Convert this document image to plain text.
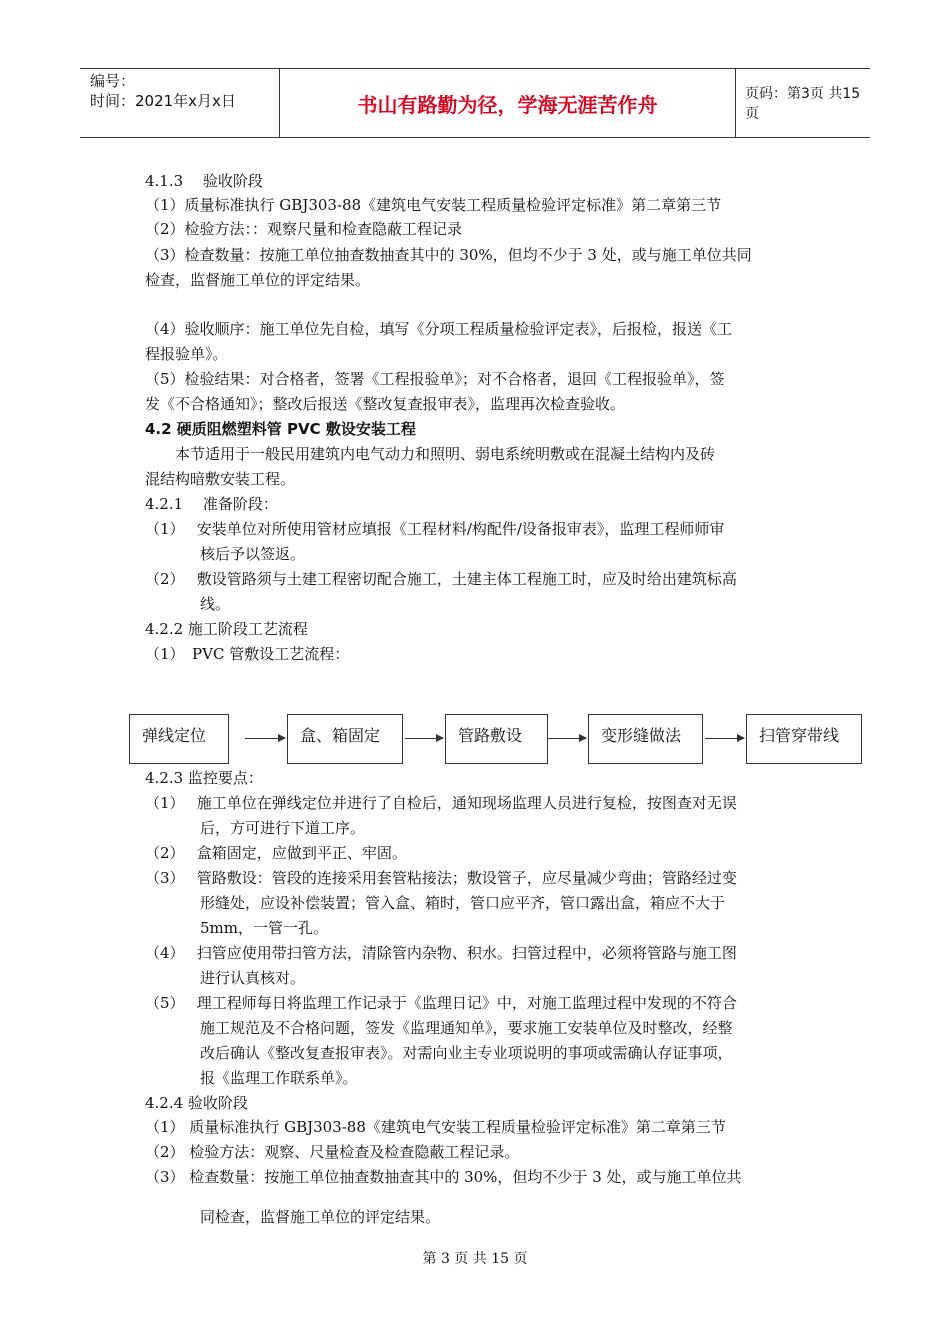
编号：
时间：2021年x月x日	书山有路勤为径，学海无涯苦作舟	页码：第3页 共15页
4.1.3　 验收阶段
（1）质量标准执行 GBJ303-88《建筑电气安装工程质量检验评定标准》第二章第三节
（2）检验方法：：观察尺量和检查隐蔽工程记录
（3）检查数量：按施工单位抽查数抽查其中的 30%，但均不少于 3 处，或与施工单位共同
检查，监督施工单位的评定结果。
（4）验收顺序：施工单位先自检，填写《分项工程质量检验评定表》，后报检，报送《工
程报验单》。
（5）检验结果：对合格者，签署《工程报验单》；对不合格者，退回《工程报验单》，签
发《不合格通知》；整改后报送《整改复查报审表》，监理再次检查验收。
4.2 硬质阻燃塑料管 PVC 敷设安装工程
本节适用于一般民用建筑内电气动力和照明、弱电系统明敷或在混凝土结构内及砖
混结构暗敷安装工程。
4.2.1　 准备阶段：
（1）　 安装单位对所使用管材应填报《工程材料/构配件/设备报审表》，监理工程师师审
核后予以签返。
（2）　 敷设管路须与土建工程密切配合施工，土建主体工程施工时，应及时给出建筑标高
线。
4.2.2 施工阶段工艺流程
（1）　PVC 管敷设工艺流程：
弹线定位	盒、箱固定	管路敷设	变形缝做法	扫管穿带线
4.2.3 监控要点：
（1）　 施工单位在弹线定位并进行了自检后，通知现场监理人员进行复检，按图查对无误
后，方可进行下道工序。
（2）　 盒箱固定，应做到平正、牢固。
（3）　 管路敷设：管段的连接采用套管粘接法；敷设管子，应尽量减少弯曲；管路经过变
形缝处，应设补偿装置；管入盒、箱时，管口应平齐，管口露出盒，箱应不大于
5mm，一管一孔。
（4）　 扫管应使用带扫管方法，清除管内杂物、积水。扫管过程中，必须将管路与施工图
进行认真核对。
（5）　 理工程师每日将监理工作记录于《监理日记》中，对施工监理过程中发现的不符合
施工规范及不合格问题，签发《监理通知单》，要求施工安装单位及时整改，经整
改后确认《整改复查报审表》。对需向业主专业项说明的事项或需确认存证事项，
报《监理工作联系单》。
4.2.4 验收阶段
（1） 质量标准执行 GBJ303-88《建筑电气安装工程质量检验评定标准》第二章第三节
（2） 检验方法：观察、尺量检查及检查隐蔽工程记录。
（3） 检查数量：按施工单位抽查数抽查其中的 30%，但均不少于 3 处，或与施工单位共
同检查，监督施工单位的评定结果。
第 3 页 共 15 页
